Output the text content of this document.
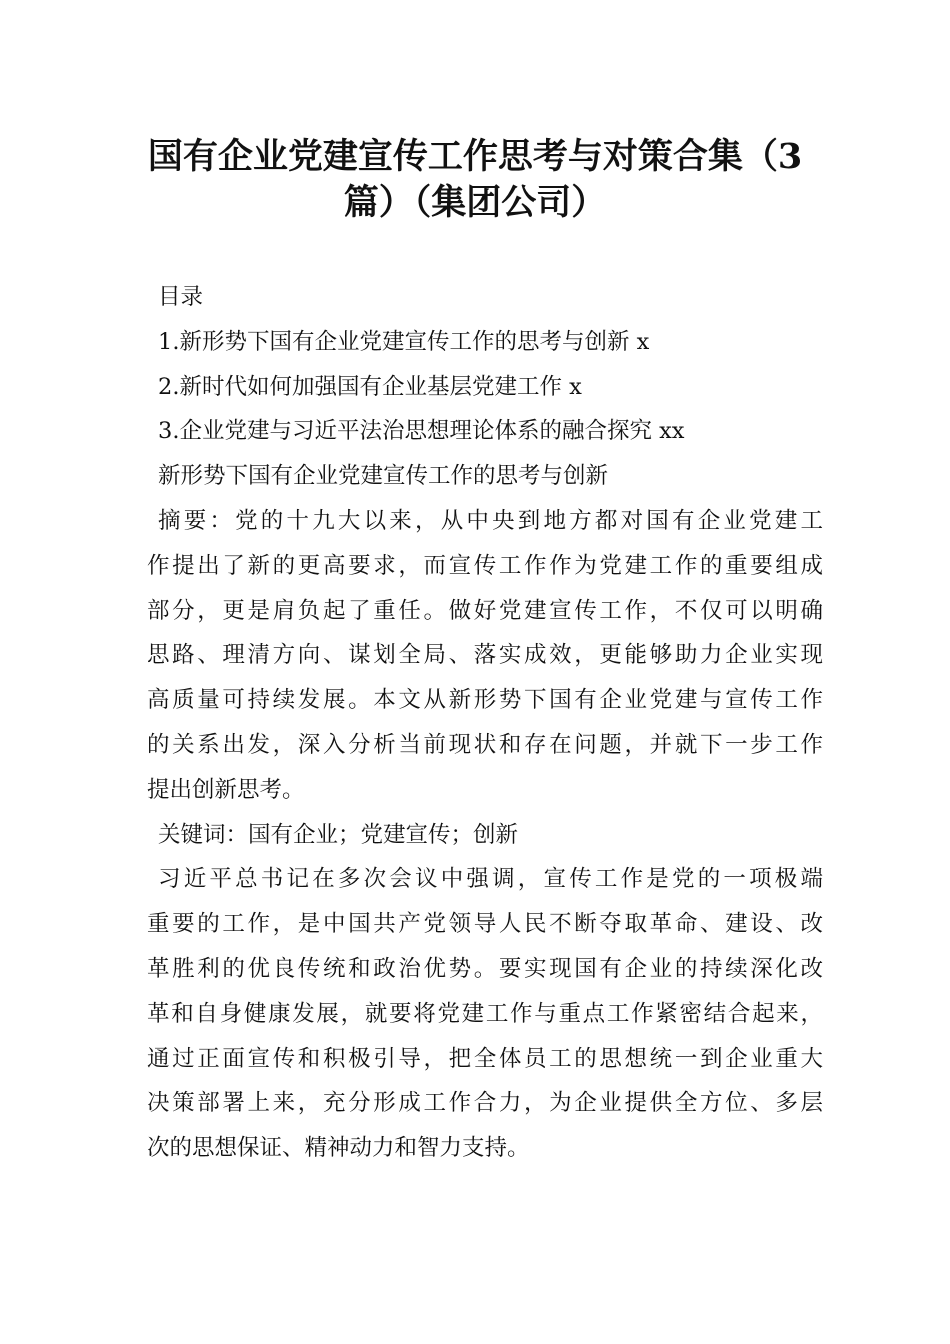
国有企业党建宣传工作思考与对策合集（3
篇）（集团公司）
目录
1.新形势下国有企业党建宣传工作的思考与创新 x
2.新时代如何加强国有企业基层党建工作 x
3.企业党建与习近平法治思想理论体系的融合探究 xx
新形势下国有企业党建宣传工作的思考与创新
摘要：党的十九大以来，从中央到地方都对国有企业党建工
作提出了新的更高要求，而宣传工作作为党建工作的重要组成
部分，更是肩负起了重任。做好党建宣传工作，不仅可以明确
思路、理清方向、谋划全局、落实成效，更能够助力企业实现
高质量可持续发展。本文从新形势下国有企业党建与宣传工作
的关系出发，深入分析当前现状和存在问题，并就下一步工作
提出创新思考。
关键词：国有企业；党建宣传；创新
习近平总书记在多次会议中强调，宣传工作是党的一项极端
重要的工作，是中国共产党领导人民不断夺取革命、建设、改
革胜利的优良传统和政治优势。要实现国有企业的持续深化改
革和自身健康发展，就要将党建工作与重点工作紧密结合起来，
通过正面宣传和积极引导，把全体员工的思想统一到企业重大
决策部署上来，充分形成工作合力，为企业提供全方位、多层
次的思想保证、精神动力和智力支持。
